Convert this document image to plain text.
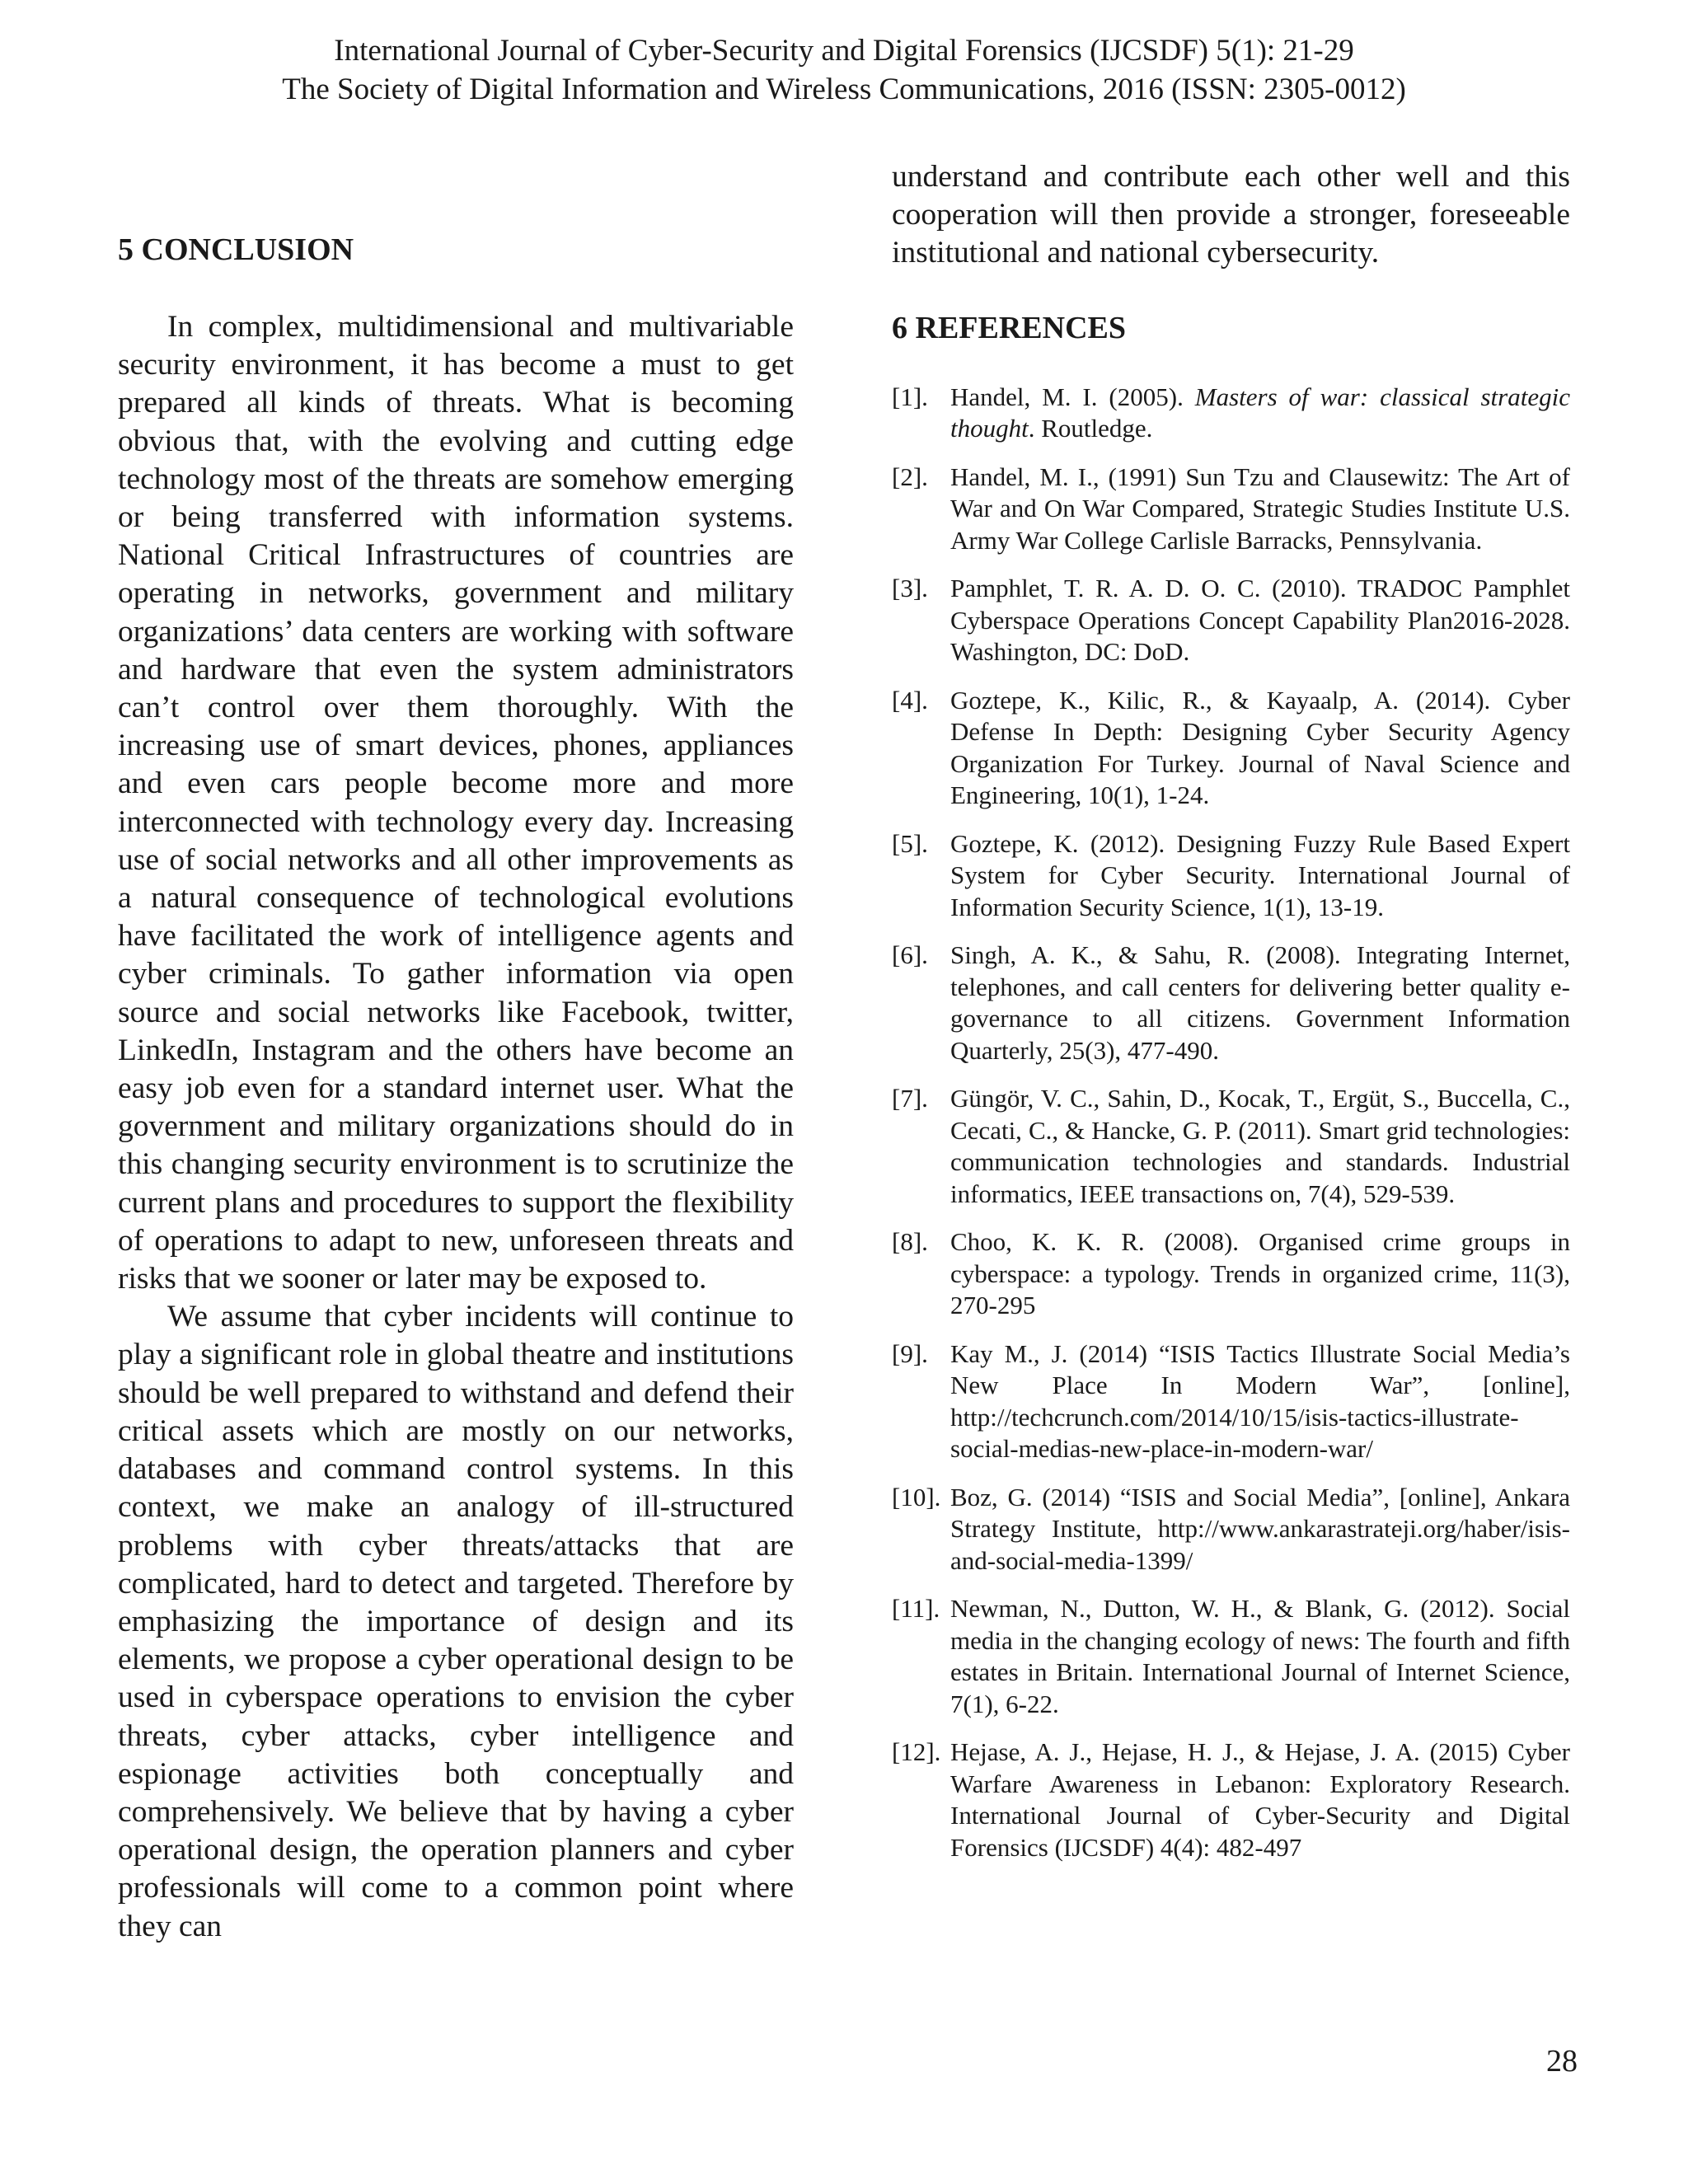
International Journal of Cyber-Security and Digital Forensics (IJCSDF) 5(1): 21-29
The Society of Digital Information and Wireless Communications, 2016 (ISSN: 2305-0012)
5 CONCLUSION

In complex, multidimensional and multivariable security environment, it has become a must to get prepared all kinds of threats. What is becoming obvious that, with the evolving and cutting edge technology most of the threats are somehow emerging or being transferred with information systems. National Critical Infrastructures of countries are operating in networks, government and military organizations’ data centers are working with software and hardware that even the system administrators can’t control over them thoroughly. With the increasing use of smart devices, phones, appliances and even cars people become more and more interconnected with technology every day. Increasing use of social networks and all other improvements as a natural consequence of technological evolutions have facilitated the work of intelligence agents and cyber criminals. To gather information via open source and social networks like Facebook, twitter, LinkedIn, Instagram and the others have become an easy job even for a standard internet user. What the government and military organizations should do in this changing security environment is to scrutinize the current plans and procedures to support the flexibility of operations to adapt to new, unforeseen threats and risks that we sooner or later may be exposed to.

We assume that cyber incidents will continue to play a significant role in global theatre and institutions should be well prepared to withstand and defend their critical assets which are mostly on our networks, databases and command control systems. In this context, we make an analogy of ill-structured problems with cyber threats/attacks that are complicated, hard to detect and targeted. Therefore by emphasizing the importance of design and its elements, we propose a cyber operational design to be used in cyberspace operations to envision the cyber threats, cyber attacks, cyber intelligence and espionage activities both conceptually and comprehensively. We believe that by having a cyber operational design, the operation planners and cyber professionals will come to a common point where they can

understand and contribute each other well and this cooperation will then provide a stronger, foreseeable institutional and national cybersecurity.

6 REFERENCES
[1]. Handel, M. I. (2005). Masters of war: classical strategic thought. Routledge.
[2]. Handel, M. I., (1991) Sun Tzu and Clausewitz: The Art of War and On War Compared, Strategic Studies Institute U.S. Army War College Carlisle Barracks, Pennsylvania.
[3]. Pamphlet, T. R. A. D. O. C. (2010). TRADOC Pamphlet Cyberspace Operations Concept Capability Plan2016-2028. Washington, DC: DoD.
[4]. Goztepe, K., Kilic, R., & Kayaalp, A. (2014). Cyber Defense In Depth: Designing Cyber Security Agency Organization For Turkey. Journal of Naval Science and Engineering, 10(1), 1-24.
[5]. Goztepe, K. (2012). Designing Fuzzy Rule Based Expert System for Cyber Security. International Journal of Information Security Science, 1(1), 13-19.
[6]. Singh, A. K., & Sahu, R. (2008). Integrating Internet, telephones, and call centers for delivering better quality e-governance to all citizens. Government Information Quarterly, 25(3), 477-490.
[7]. Güngör, V. C., Sahin, D., Kocak, T., Ergüt, S., Buccella, C., Cecati, C., & Hancke, G. P. (2011). Smart grid technologies: communication technologies and standards. Industrial informatics, IEEE transactions on, 7(4), 529-539.
[8]. Choo, K. K. R. (2008). Organised crime groups in cyberspace: a typology. Trends in organized crime, 11(3), 270-295
[9]. Kay M., J. (2014) “ISIS Tactics Illustrate Social Media’s New Place In Modern War”, [online], http://techcrunch.com/2014/10/15/isis-tactics-illustrate-social-medias-new-place-in-modern-war/
[10]. Boz, G. (2014) “ISIS and Social Media”, [online], Ankara Strategy Institute, http://www.ankarastrateji.org/haber/isis-and-social-media-1399/
[11]. Newman, N., Dutton, W. H., & Blank, G. (2012). Social media in the changing ecology of news: The fourth and fifth estates in Britain. International Journal of Internet Science, 7(1), 6-22.
[12]. Hejase, A. J., Hejase, H. J., & Hejase, J. A. (2015) Cyber Warfare Awareness in Lebanon: Exploratory Research. International Journal of Cyber-Security and Digital Forensics (IJCSDF) 4(4): 482-497
28
